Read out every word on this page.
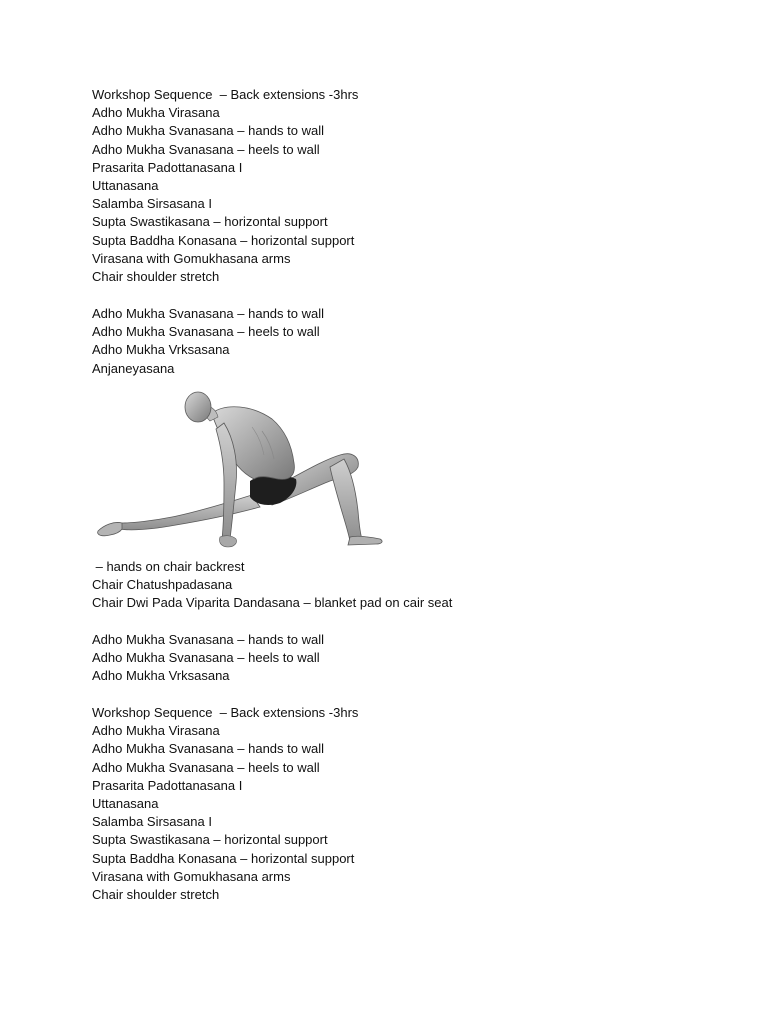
Workshop Sequence  – Back extensions -3hrs
Adho Mukha Virasana
Adho Mukha Svanasana – hands to wall
Adho Mukha Svanasana – heels to wall
Prasarita Padottanasana I
Uttanasana
Salamba Sirsasana I
Supta Swastikasana – horizontal support
Supta Baddha Konasana – horizontal support
Virasana with Gomukhasana arms
Chair shoulder stretch
Adho Mukha Svanasana – hands to wall
Adho Mukha Svanasana – heels to wall
Adho Mukha Vrksasana
Anjaneyasana
– hands on chair backrest
Chair Chatushpadasana
Chair Dwi Pada Viparita Dandasana – blanket pad on cair seat
Adho Mukha Svanasana – hands to wall
Adho Mukha Svanasana – heels to wall
Adho Mukha Vrksasana
Workshop Sequence  – Back extensions -3hrs
Adho Mukha Virasana
Adho Mukha Svanasana – hands to wall
Adho Mukha Svanasana – heels to wall
Prasarita Padottanasana I
Uttanasana
Salamba Sirsasana I
Supta Swastikasana – horizontal support
Supta Baddha Konasana – horizontal support
Virasana with Gomukhasana arms
Chair shoulder stretch
